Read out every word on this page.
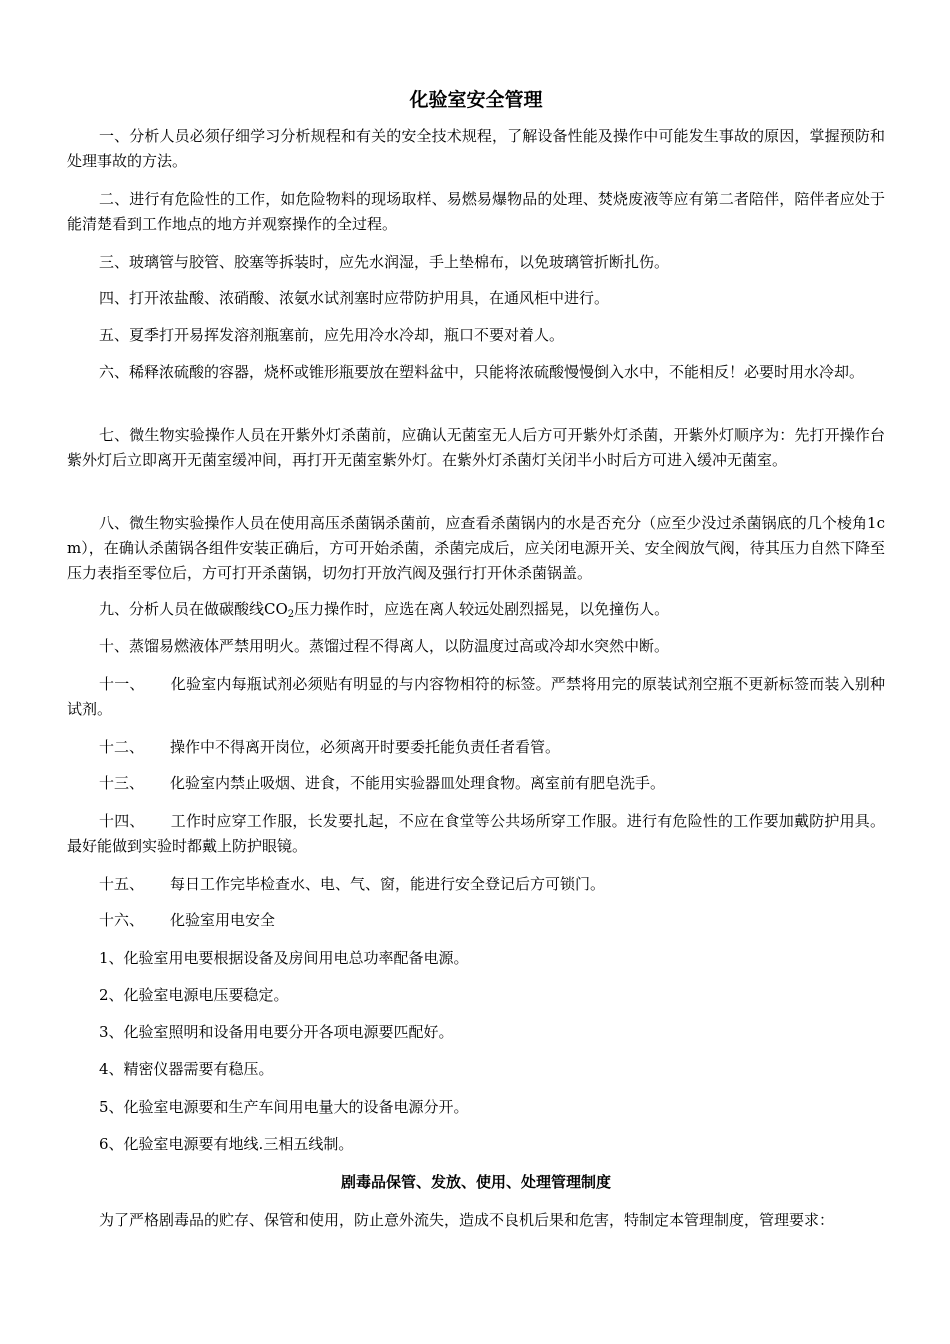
化验室安全管理

一、分析人员必须仔细学习分析规程和有关的安全技术规程，了解设备性能及操作中可能发生事故的原因，掌握预防和处理事故的方法。

二、进行有危险性的工作，如危险物料的现场取样、易燃易爆物品的处理、焚烧废液等应有第二者陪伴，陪伴者应处于能清楚看到工作地点的地方并观察操作的全过程。

三、玻璃管与胶管、胶塞等拆装时，应先水润湿，手上垫棉布，以免玻璃管折断扎伤。

四、打开浓盐酸、浓硝酸、浓氨水试剂塞时应带防护用具，在通风柜中进行。

五、夏季打开易挥发溶剂瓶塞前，应先用冷水冷却，瓶口不要对着人。

六、稀释浓硫酸的容器，烧杯或锥形瓶要放在塑料盆中，只能将浓硫酸慢慢倒入水中，不能相反！必要时用水冷却。

七、微生物实验操作人员在开紫外灯杀菌前，应确认无菌室无人后方可开紫外灯杀菌，开紫外灯顺序为：先打开操作台紫外灯后立即离开无菌室缓冲间，再打开无菌室紫外灯。在紫外灯杀菌灯关闭半小时后方可进入缓冲无菌室。

八、微生物实验操作人员在使用高压杀菌锅杀菌前，应查看杀菌锅内的水是否充分（应至少没过杀菌锅底的几个棱角1cm），在确认杀菌锅各组件安装正确后，方可开始杀菌，杀菌完成后，应关闭电源开关、安全阀放气阀，待其压力自然下降至压力表指至零位后，方可打开杀菌锅，切勿打开放汽阀及强行打开休杀菌锅盖。

九、分析人员在做碳酸线$CO_2$压力操作时，应选在离人较远处剧烈摇晃，以免撞伤人。

十、蒸馏易燃液体严禁用明火。蒸馏过程不得离人，以防温度过高或冷却水突然中断。

十一、 化验室内每瓶试剂必须贴有明显的与内容物相符的标签。严禁将用完的原装试剂空瓶不更新标签而装入别种试剂。

十二、 操作中不得离开岗位，必须离开时要委托能负责任者看管。

十三、 化验室内禁止吸烟、进食，不能用实验器皿处理食物。离室前有肥皂洗手。

十四、 工作时应穿工作服，长发要扎起，不应在食堂等公共场所穿工作服。进行有危险性的工作要加戴防护用具。最好能做到实验时都戴上防护眼镜。

十五、 每日工作完毕检查水、电、气、窗，能进行安全登记后方可锁门。

十六、 化验室用电安全

1、化验室用电要根据设备及房间用电总功率配备电源。

2、化验室电源电压要稳定。

3、化验室照明和设备用电要分开各项电源要匹配好。

4、精密仪器需要有稳压。

5、化验室电源要和生产车间用电量大的设备电源分开。

6、化验室电源要有地线.三相五线制。

剧毒品保管、发放、使用、处理管理制度

为了严格剧毒品的贮存、保管和使用，防止意外流失，造成不良机后果和危害，特制定本管理制度，管理要求：
